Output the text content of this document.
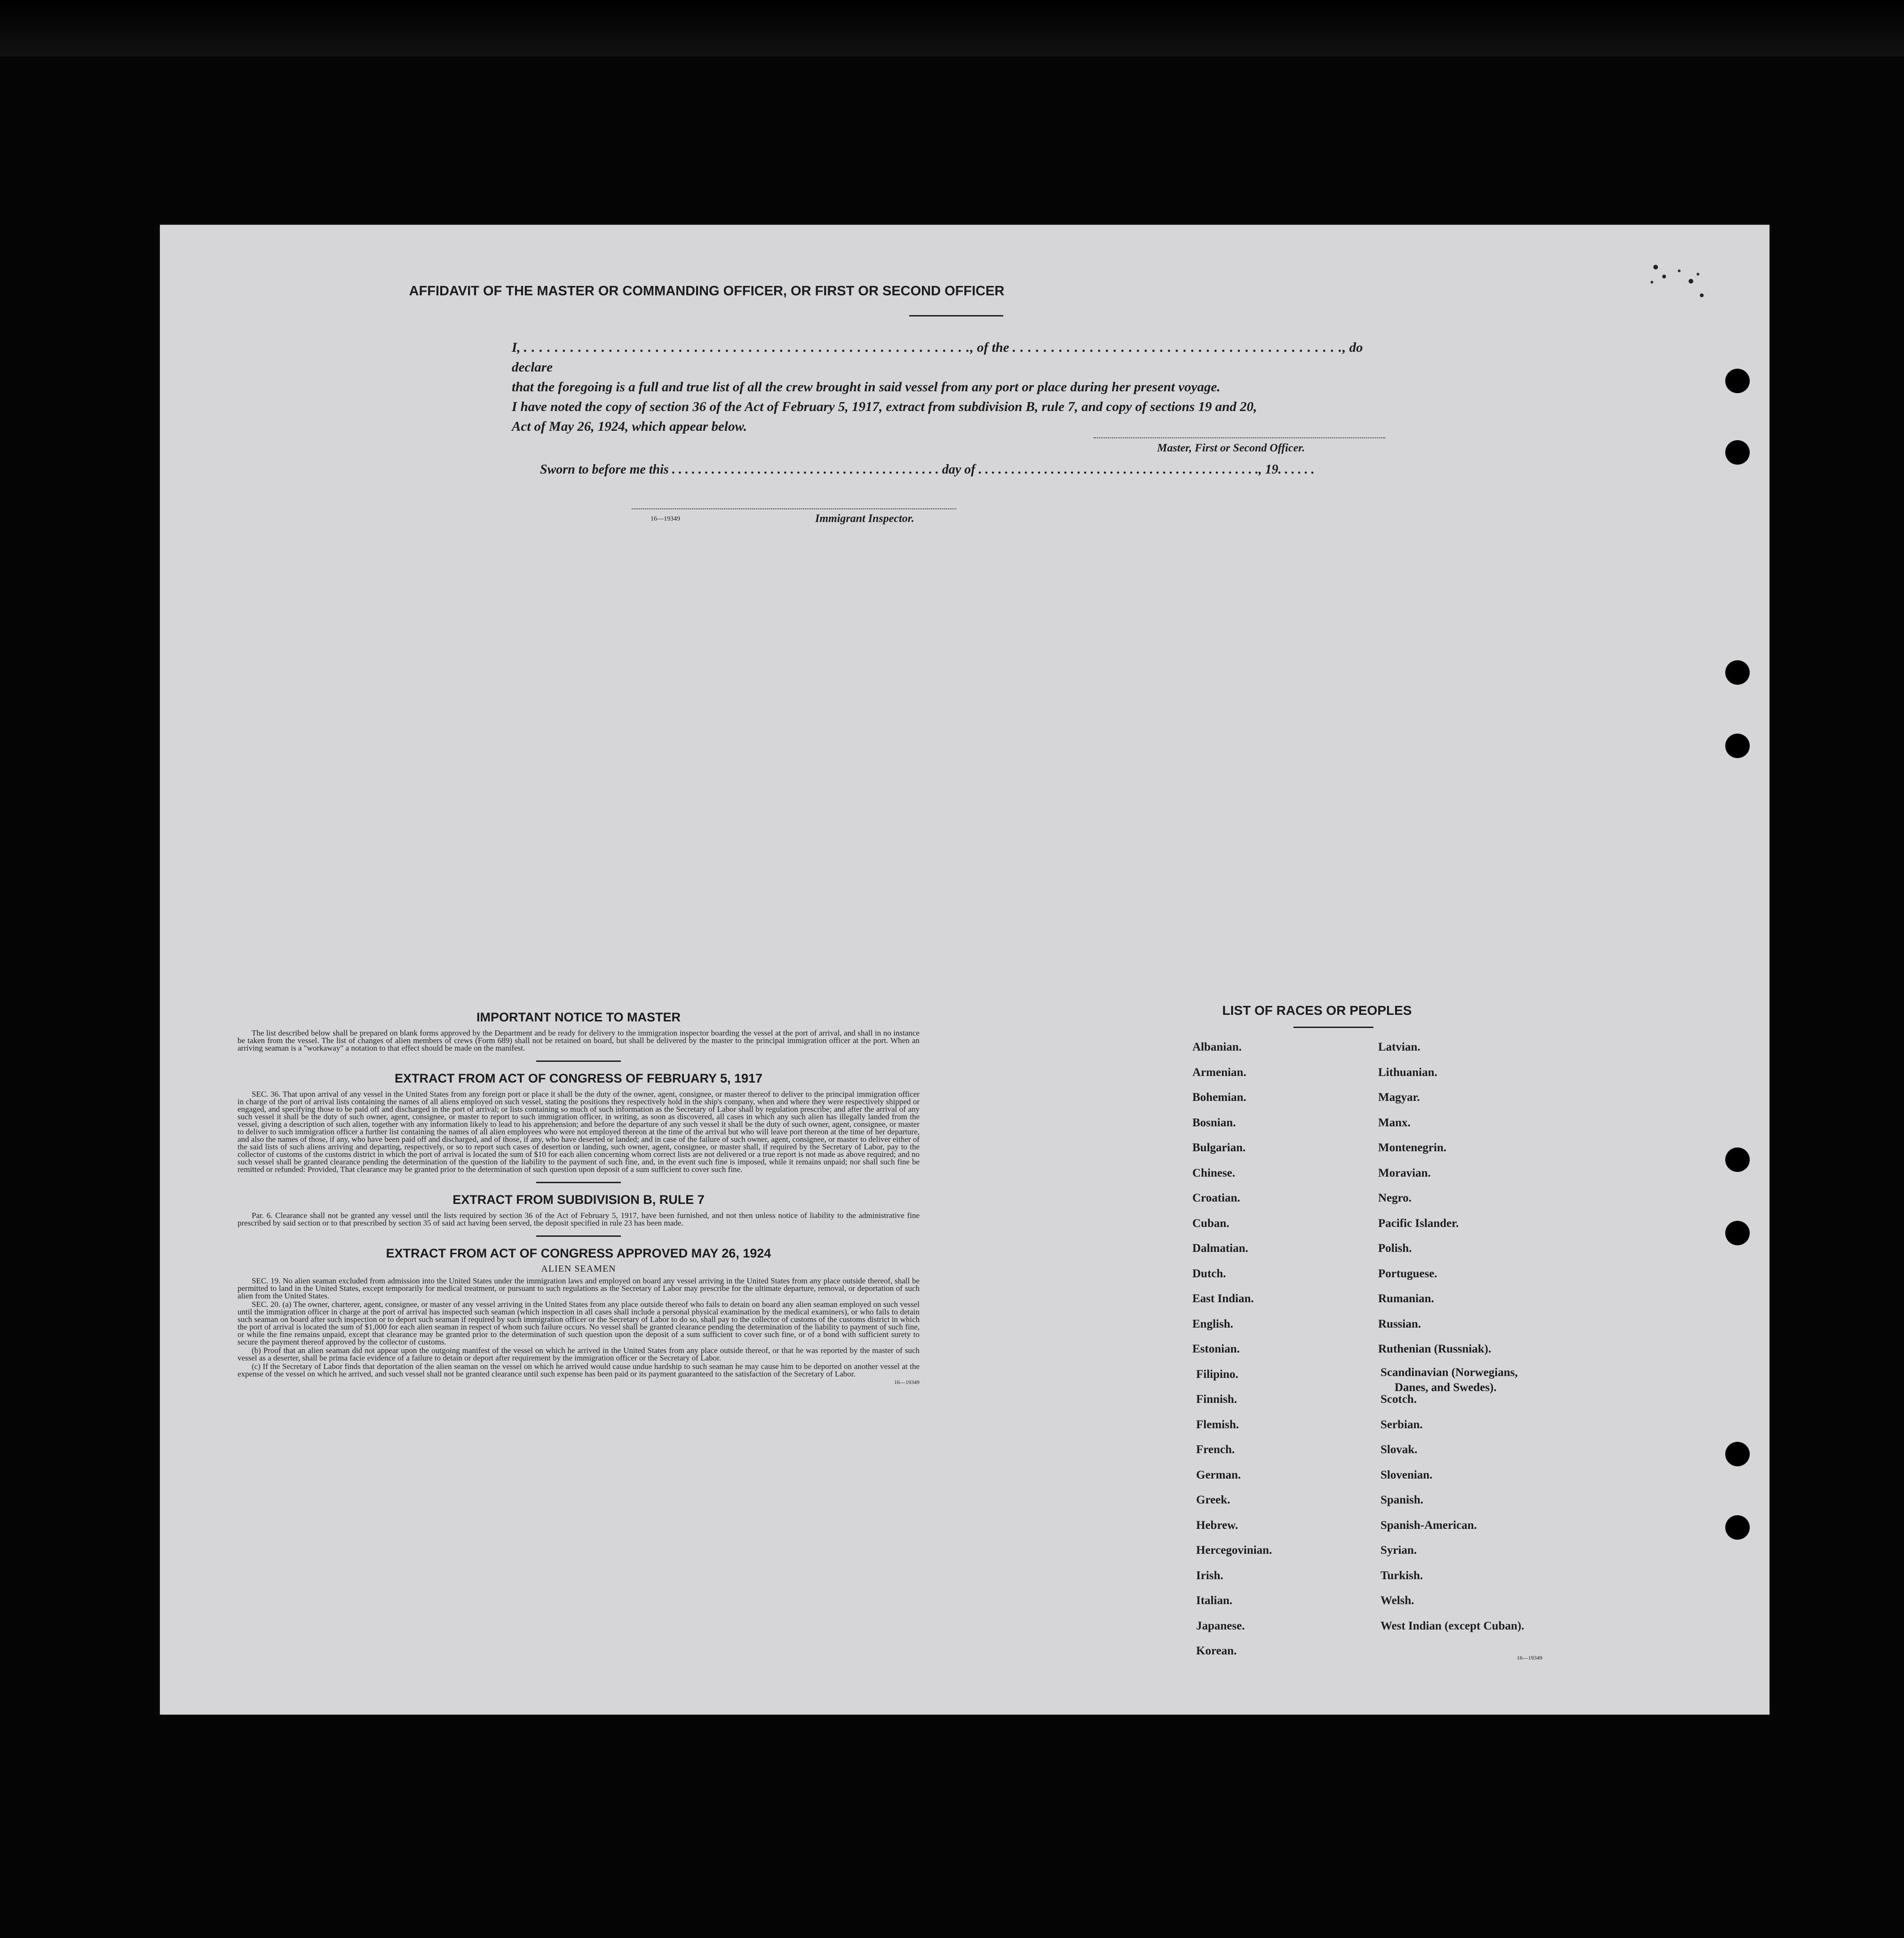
AFFIDAVIT OF THE MASTER OR COMMANDING OFFICER, OR FIRST OR SECOND OFFICER
I, . . . . . . . . . . . . . . . . . . . . . . . . . . . . . . . . . . . . . . . . . . . . . . . . . . . . . . . . . ., of the . . . . . . . . . . . . . . . . . . . . . . . . . . . . . . . . . . . . . . . . . . ., do declare
that the foregoing is a full and true list of all the crew brought in said vessel from any port or place during her present voyage.
I have noted the copy of section 36 of the Act of February 5, 1917, extract from subdivision B, rule 7, and copy of sections 19 and 20,
Act of May 26, 1924, which appear below.
Master, First or Second Officer.
Sworn to before me this . . . . . . . . . . . . . . . . . . . . . . . . . . . . . . . . . . . . . . . . . day of . . . . . . . . . . . . . . . . . . . . . . . . . . . . . . . . . . . . . . . . . . ., 19. . . . . .
16—19349	Immigrant Inspector.
IMPORTANT NOTICE TO MASTER

The list described below shall be prepared on blank forms approved by the Department and be ready for delivery to the immigration inspector boarding the vessel at the port of arrival, and shall in no instance be taken from the vessel. The list of changes of alien members of crews (Form 689) shall not be retained on board, but shall be delivered by the master to the principal immigration officer at the port. When an arriving seaman is a "workaway" a notation to that effect should be made on the manifest.

EXTRACT FROM ACT OF CONGRESS OF FEBRUARY 5, 1917

SEC. 36. That upon arrival of any vessel in the United States from any foreign port or place it shall be the duty of the owner, agent, consignee, or master thereof to deliver to the principal immigration officer in charge of the port of arrival lists containing the names of all aliens employed on such vessel, stating the positions they respectively hold in the ship's company, when and where they were respectively shipped or engaged, and specifying those to be paid off and discharged in the port of arrival; or lists containing so much of such information as the Secretary of Labor shall by regulation prescribe; and after the arrival of any such vessel it shall be the duty of such owner, agent, consignee, or master to report to such immigration officer, in writing, as soon as discovered, all cases in which any such alien has illegally landed from the vessel, giving a description of such alien, together with any information likely to lead to his apprehension; and before the departure of any such vessel it shall be the duty of such owner, agent, consignee, or master to deliver to such immigration officer a further list containing the names of all alien employees who were not employed thereon at the time of the arrival but who will leave port thereon at the time of her departure, and also the names of those, if any, who have been paid off and discharged, and of those, if any, who have deserted or landed; and in case of the failure of such owner, agent, consignee, or master to deliver either of the said lists of such aliens arriving and departing, respectively, or so to report such cases of desertion or landing, such owner, agent, consignee, or master shall, if required by the Secretary of Labor, pay to the collector of customs of the customs district in which the port of arrival is located the sum of $10 for each alien concerning whom correct lists are not delivered or a true report is not made as above required; and no such vessel shall be granted clearance pending the determination of the question of the liability to the payment of such fine, and, in the event such fine is imposed, while it remains unpaid; nor shall such fine be remitted or refunded: Provided, That clearance may be granted prior to the determination of such question upon deposit of a sum sufficient to cover such fine.

EXTRACT FROM SUBDIVISION B, RULE 7

Par. 6. Clearance shall not be granted any vessel until the lists required by section 36 of the Act of February 5, 1917, have been furnished, and not then unless notice of liability to the administrative fine prescribed by said section or to that prescribed by section 35 of said act having been served, the deposit specified in rule 23 has been made.

EXTRACT FROM ACT OF CONGRESS APPROVED MAY 26, 1924
ALIEN SEAMEN

SEC. 19. No alien seaman excluded from admission into the United States under the immigration laws and employed on board any vessel arriving in the United States from any place outside thereof, shall be permitted to land in the United States, except temporarily for medical treatment, or pursuant to such regulations as the Secretary of Labor may prescribe for the ultimate departure, removal, or deportation of such alien from the United States.

SEC. 20. (a) The owner, charterer, agent, consignee, or master of any vessel arriving in the United States from any place outside thereof who fails to detain on board any alien seaman employed on such vessel until the immigration officer in charge at the port of arrival has inspected such seaman (which inspection in all cases shall include a personal physical examination by the medical examiners), or who fails to detain such seaman on board after such inspection or to deport such seaman if required by such immigration officer or the Secretary of Labor to do so, shall pay to the collector of customs of the customs district in which the port of arrival is located the sum of $1,000 for each alien seaman in respect of whom such failure occurs. No vessel shall be granted clearance pending the determination of the liability to payment of such fine, or while the fine remains unpaid, except that clearance may be granted prior to the determination of such question upon the deposit of a sum sufficient to cover such fine, or of a bond with sufficient surety to secure the payment thereof approved by the collector of customs.

(b) Proof that an alien seaman did not appear upon the outgoing manifest of the vessel on which he arrived in the United States from any place outside thereof, or that he was reported by the master of such vessel as a deserter, shall be prima facie evidence of a failure to detain or deport after requirement by the immigration officer or the Secretary of Labor.

(c) If the Secretary of Labor finds that deportation of the alien seaman on the vessel on which he arrived would cause undue hardship to such seaman he may cause him to be deported on another vessel at the expense of the vessel on which he arrived, and such vessel shall not be granted clearance until such expense has been paid or its payment guaranteed to the satisfaction of the Secretary of Labor.

16—19349
LIST OF RACES OR PEOPLES
16—19349
Albanian.
Armenian.
Bohemian.
Bosnian.
Bulgarian.
Chinese.
Croatian.
Cuban.
Dalmatian.
Dutch.
East Indian.
English.
Estonian.
Filipino.
Finnish.
Flemish.
French.
German.
Greek.
Hebrew.
Hercegovinian.
Irish.
Italian.
Japanese.
Korean.
Latvian.
Lithuanian.
Magyar.
Manx.
Montenegrin.
Moravian.
Negro.
Pacific Islander.
Polish.
Portuguese.
Rumanian.
Russian.
Ruthenian (Russniak).
Scandinavian (Norwegians,
Danes, and Swedes).
Scotch.
Serbian.
Slovak.
Slovenian.
Spanish.
Spanish-American.
Syrian.
Turkish.
Welsh.
West Indian (except Cuban).
